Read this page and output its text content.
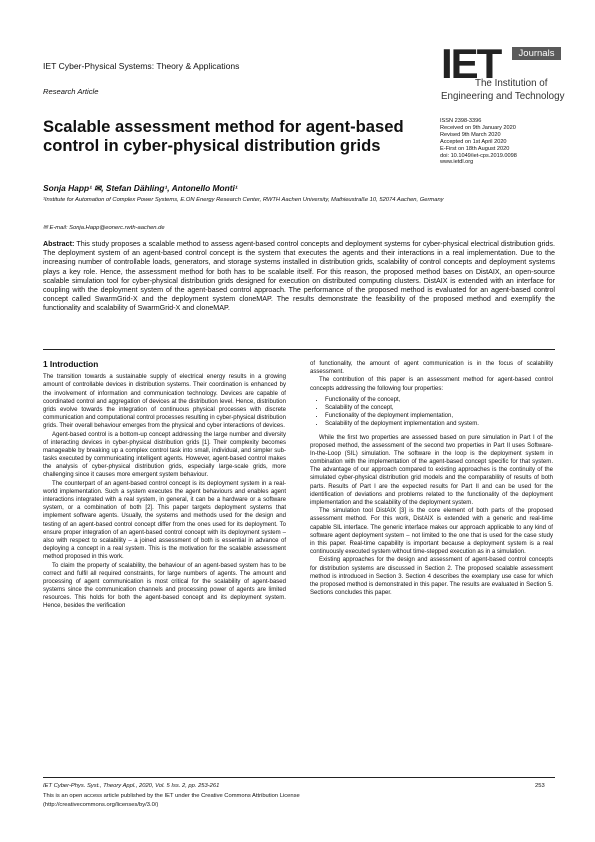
IET Cyber-Physical Systems: Theory & Applications
Research Article
IET	Journals
The Institution of
Engineering and Technology
Scalable assessment method for agent-based control in cyber-physical distribution grids
ISSN 2398-3396
Received on 9th January 2020
Revised 9th March 2020
Accepted on 1st April 2020
E-First on 18th August 2020
doi: 10.1049/iet-cps.2019.0098
www.ietdl.org
Sonja Happ¹ ✉, Stefan Dähling¹, Antonello Monti¹
¹Institute for Automation of Complex Power Systems, E.ON Energy Research Center, RWTH Aachen University, Mathieustraße 10, 52074 Aachen, Germany
✉ E-mail: Sonja.Happ@eonerc.rwth-aachen.de
Abstract: This study proposes a scalable method to assess agent-based control concepts and deployment systems for cyber-physical electrical distribution grids. The deployment system of an agent-based control concept is the system that executes the agents and their interactions in a real implementation. Due to the increasing number of controllable loads, generators, and storage systems installed in distribution grids, scalability of control concepts and deployment systems plays a key role. Hence, the assessment method for both has to be scalable itself. For this reason, the proposed method bases on DistAIX, an open-source scalable simulation tool for cyber-physical distribution grids designed for execution on distributed computing clusters. DistAIX is extended with an interface for coupling with the deployment system of the agent-based control approach. The performance of the proposed method is evaluated for an agent-based control concept called SwarmGrid-X and the deployment system cloneMAP. The results demonstrate the feasibility of the proposed method and exemplify the functionality and scalability of SwarmGrid-X and cloneMAP.
1 Introduction

The transition towards a sustainable supply of electrical energy results in a growing amount of controllable devices in distribution systems. Their coordination is enhanced by the involvement of information and communication technology. Devices are capable of coordinated control and aggregation of devices at the distribution level. Hence, distribution grids evolve towards the integration of continuous physical processes with discrete communication and computational control processes resulting in cyber-physical distribution grids. Their overall behaviour emerges from the physical and cyber interactions of devices.

Agent-based control is a bottom-up concept addressing the large number and diversity of interacting devices in cyber-physical distribution grids [1]. Their complexity becomes manageable by breaking up a complex control task into small, individual, and simpler sub-tasks executed by communicating intelligent agents. However, agent-based control makes the analysis of cyber-physical distribution grids, especially large-scale grids, more challenging since it causes more emergent system behaviour.

The counterpart of an agent-based control concept is its deployment system in a real-world implementation. Such a system executes the agent behaviours and enables agent interactions integrated with a real system, in general, it can be a hardware or a software system, or a combination of both [2]. This paper targets deployment systems that implement software agents. Usually, the systems and methods used for the design and testing of an agent-based control concept differ from the ones used for its deployment. To ensure proper integration of an agent-based control concept with its deployment system – also with respect to scalability – a joined assessment of both is essential in advance of deploying a concept in a real system. This is the motivation for the scalable assessment method proposed in this work.

To claim the property of scalability, the behaviour of an agent-based system has to be correct and fulfil all required constraints, for large numbers of agents. The amount and processing of agent communication is most critical for the scalability of agent-based systems since the communication channels and processing power of agents are limited resources. This holds for both the agent-based concept and its deployment system. Hence, besides the verification

of functionality, the amount of agent communication is in the focus of scalability assessment.

The contribution of this paper is an assessment method for agent-based control concepts addressing the following four properties:

• Functionality of the concept,
• Scalability of the concept,
• Functionality of the deployment implementation,
• Scalability of the deployment implementation and system.

While the first two properties are assessed based on pure simulation in Part I of the proposed method, the assessment of the second two properties in Part II uses Software-In-the-Loop (SIL) simulation. The software in the loop is the deployment system in combination with the implementation of the agent-based concept specific for that system. The advantage of our approach compared to existing approaches is the continuity of the simulated cyber-physical distribution grid models and the comparability of results of both parts. Results of Part I are the expected results for Part II and can be used for the identification of deviations and problems related to the functionality of the deployment implementation and the scalability of the deployment system.

The simulation tool DistAIX [3] is the core element of both parts of the proposed assessment method. For this work, DistAIX is extended with a generic and real-time capable SIL interface. The generic interface makes our approach applicable to any kind of software agent deployment system – not limited to the one that is used for the case study in this paper. Real-time capability is important because a deployment system is a real continuously executed system without time-stepped execution as in a simulation.

Existing approaches for the design and assessment of agent-based control concepts for distribution systems are discussed in Section 2. The proposed scalable assessment method is introduced in Section 3. Section 4 describes the exemplary use case for which the proposed method is demonstrated in this paper. The results are evaluated in Section 5. Sections concludes this paper.

IET Cyber-Phys. Syst., Theory Appl., 2020, Vol. 5 Iss. 2, pp. 253-261	253
This is an open access article published by the IET under the Creative Commons Attribution License
(http://creativecommons.org/licenses/by/3.0/)
